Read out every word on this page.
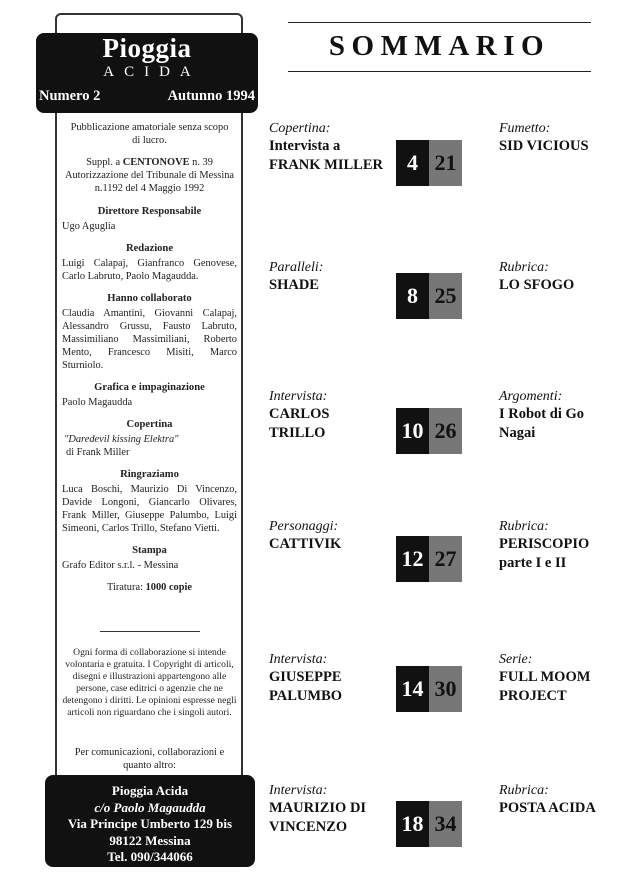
Pioggia
ACIDA
Numero 2	Autunno 1994
Pubblicazione amatoriale senza scopo di lucro.
Suppl. a CENTONOVE n. 39
Autorizzazione del Tribunale di Messina n.1192 del 4 Maggio 1992
Direttore Responsabile
Ugo Aguglia
Redazione
Luigi Calapaj, Gianfranco Genovese, Carlo Labruto, Paolo Magaudda.
Hanno collaborato
Claudia Amantini, Giovanni Calapaj, Alessandro Grussu, Fausto Labruto, Massimiliano Massimiliani, Roberto Mento, Francesco Misiti, Marco Sturniolo.
Grafica e impaginazione
Paolo Magaudda
Copertina
"Daredevil kissing Elektra"
di Frank Miller
Ringraziamo
Luca Boschi, Maurizio Di Vincenzo, Davide Longoni, Giancarlo Olivares, Frank Miller, Giuseppe Palumbo, Luigi Simeoni, Carlos Trillo, Stefano Vietti.
Stampa
Grafo Editor s.r.l. - Messina
Tiratura: 1000 copie
Ogni forma di collaborazione si intende volontaria e gratuita. I Copyright di articoli, disegni e illustrazioni appartengono alle persone, case editrici o agenzie che ne detengono i diritti. Le opinioni espresse negli articoli non riguardano che i singoli autori.
Per comunicazioni, collaborazioni e quanto altro:
Pioggia Acida
c/o Paolo Magaudda
Via Principe Umberto 129 bis
98122 Messina
Tel. 090/344066
SOMMARIO
Copertina:
Intervista a FRANK MILLER	4 21
Fumetto:
SID VICIOUS
Paralleli:
SHADE	8 25
Rubrica:
LO SFOGO
Intervista:
CARLOS TRILLO	10 26
Argomenti:
I Robot di Go Nagai
Personaggi:
CATTIVIK
12 27
Rubrica:
PERISCOPIO parte I e II
Intervista:
GIUSEPPE PALUMBO	14 30
Serie:
FULL MOOM PROJECT
Intervista:
MAURIZIO DI VINCENZO	18 34
Rubrica:
POSTA ACIDA
